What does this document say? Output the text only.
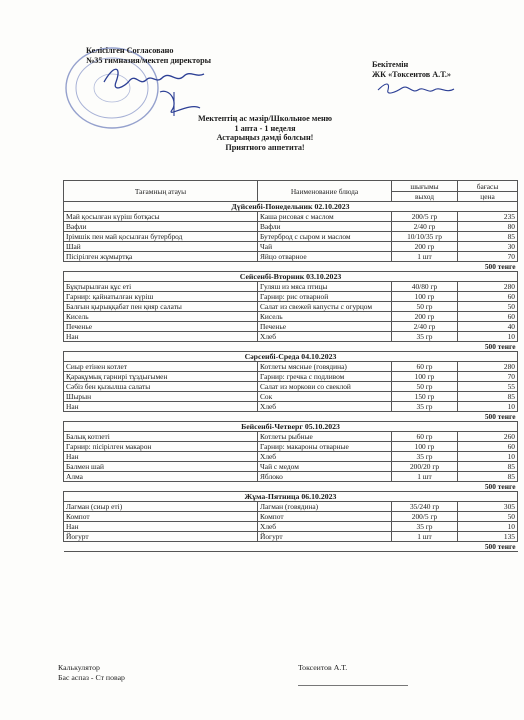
Келісілген Согласовано
№35 гимназия/мектеп директоры	Бекітемін
ЖК «Токсеитов А.Т.»
Мектептің ас мәзір/Школьное меню
1 апта - 1 неделя
Астарыңыз дәмді болсын!
Приятного аппетита!
Тағамның атауы	Наименование блюда	шығымы	бағасы
		выход	цена
Дүйсенбі-Понедельник 02.10.2023			
Май қосылған күріш ботқасы	Каша рисовая с маслом	200/5 гр	235
Вафли	Вафли	2/40 гр	80
Ірімшік пен май қосылған бутерброд	Бутерброд с сыром и маслом	10/10/35 гр	85
Шай	Чай	200 гр	30
Пісірілген жұмыртқа	Яйцо отварное	1 шт	70
500 тенге			
Сейсенбі-Вторник 03.10.2023			
Бұқтырылған құс еті	Гуляш из мяса птицы	40/80 гр	280
Гарнир: қайнатылған күріш	Гарнир: рис отварной	100 гр	60
Балғын қырыққабат пен қияр салаты	Салат из свежей капусты с огурцом	50 гр	50
Кисель	Кисель	200 гр	60
Печенье	Печенье	2/40 гр	40
Нан	Хлеб	35 гр	10
500 тенге			
Сәрсенбі-Среда 04.10.2023			
Сиыр етінен котлет	Котлеты мясные (говядина)	60 гр	280
Қарақұмық гарнирі тұздығымен	Гарнир: гречка с подливом	100 гр	70
Сәбіз бен қызылша салаты	Салат из моркови со свеклой	50 гр	55
Шырын	Сок	150 гр	85
Нан	Хлеб	35 гр	10
500 тенге			
Бейсенбі-Четверг 05.10.2023			
Балық котлеті	Котлеты рыбные	60 гр	260
Гарнир: пісірілген макарон	Гарнир: макароны отварные	100 гр	60
Нан	Хлеб	35 гр	10
Балмен шай	Чай с медом	200/20 гр	85
Алма	Яблоко	1 шт	85
500 тенге			
Жұма-Пятница 06.10.2023			
Лагман (сиыр еті)	Лагман (говядина)	35/240 гр	305
Компот	Компот	200/5 гр	50
Нан	Хлеб	35 гр	10
Йогурт	Йогурт	1 шт	135
500 тенге			
Калькулятор
Бас аспаз - Ст повар
Токсеитов А.Т.
